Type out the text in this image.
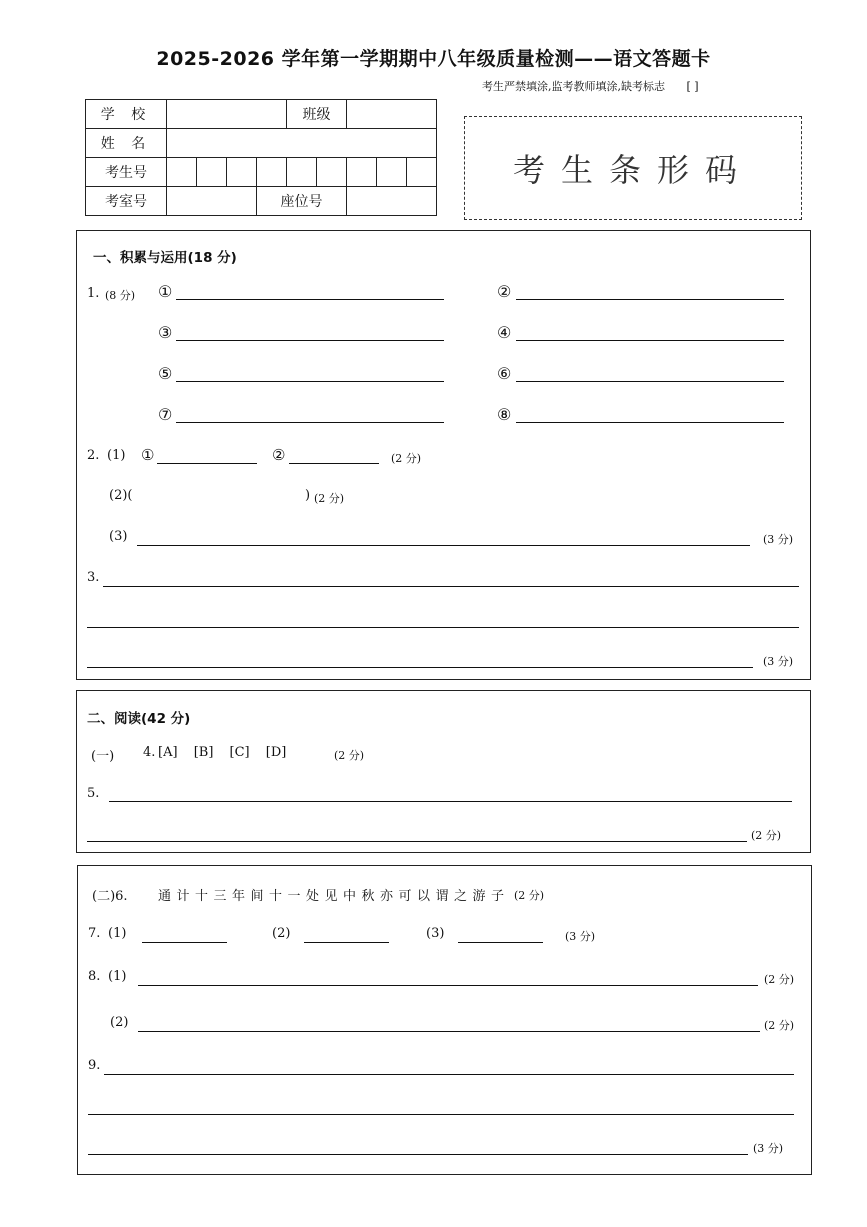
2025-2026 学年第一学期期中八年级质量检测——语文答题卡
考生严禁填涂,监考教师填涂,缺考标志 [ ]
学 校					班级				
姓 名									
考生号									
考室号				座位号					
考生条形码
一、积累与运用(18 分)
1. (8 分) ①	②
③	④
⑤	⑥
⑦	⑧
2. (1) ①	②	(2 分)
(2)(	) (2 分)
(3)	(3 分)
3.
(3 分)
二、阅读(42 分)
(一) 4. [A] [B] [C] [D]	(2 分)
5.
(2 分)
(二)6. 通计十三年间十一处见中秋亦可以谓之游子 (2 分)
7. (1)	(2)	(3)	(3 分)
8. (1)	(2 分)
(2)	(2 分)
9.
(3 分)
